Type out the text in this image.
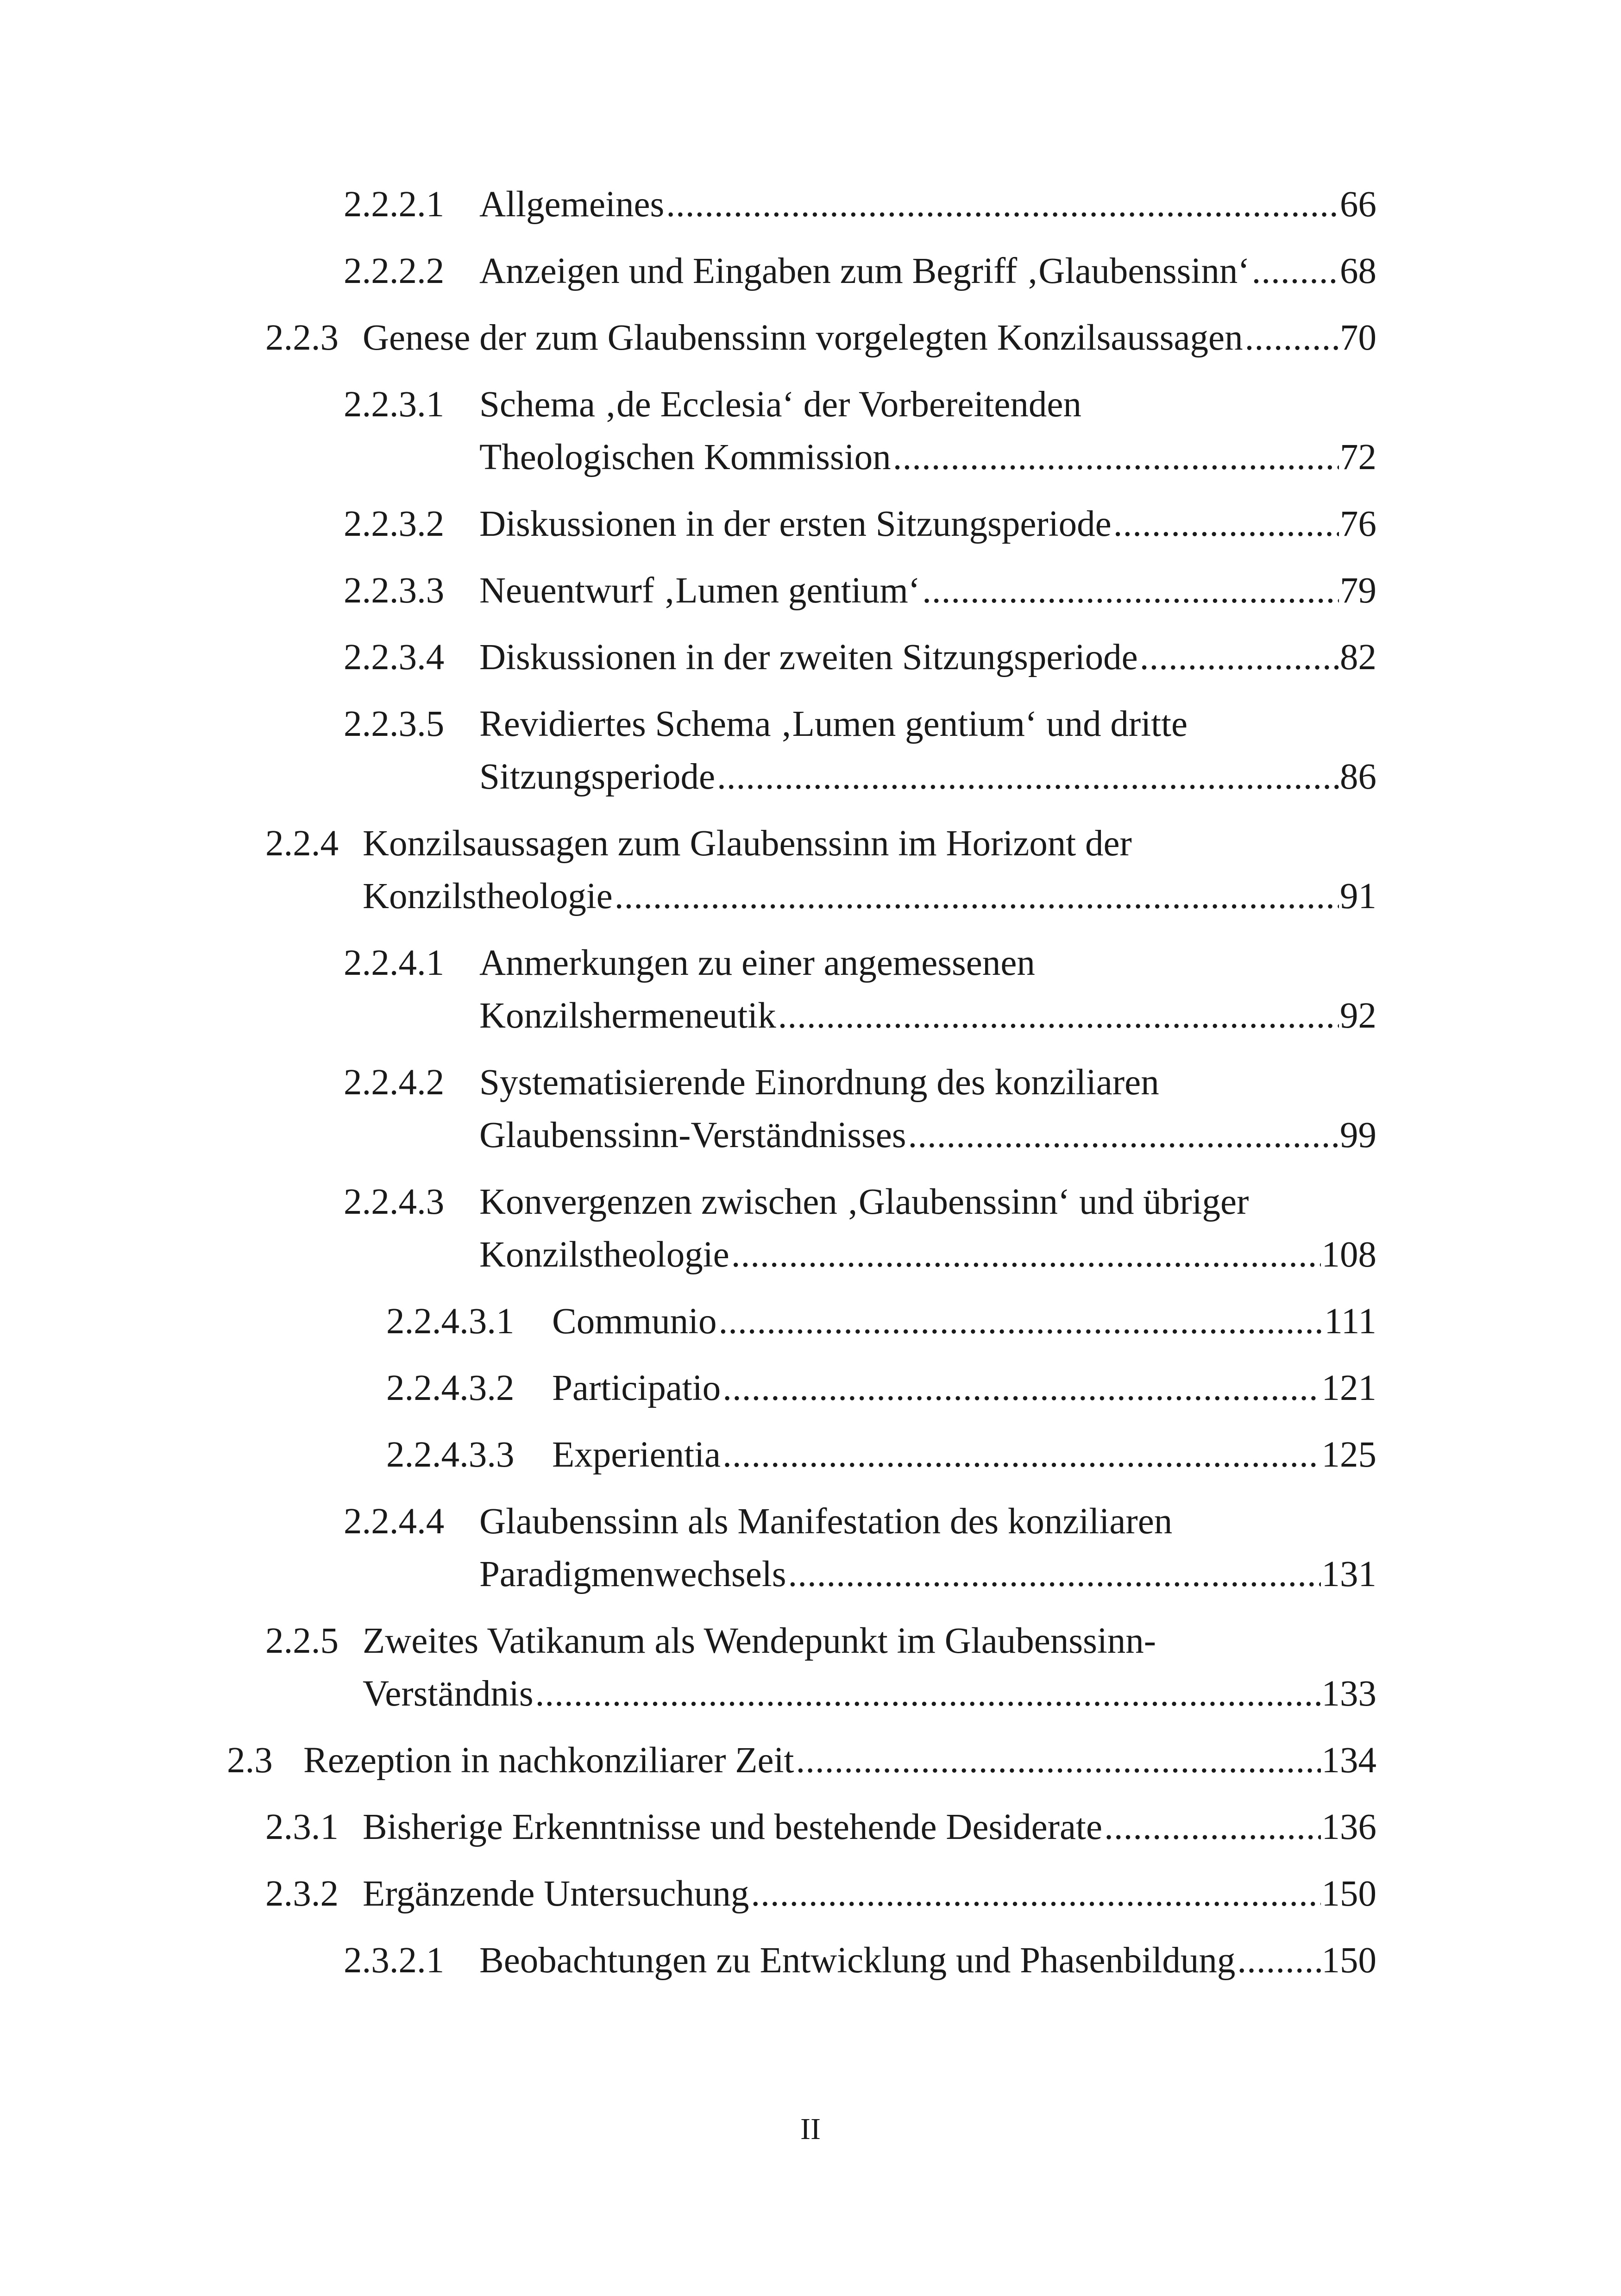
2.2.2.1 Allgemeines .....	66
2.2.2.2 Anzeigen und Eingaben zum Begriff ‚Glaubenssinn‘ ..... 68
2.2.3 Genese der zum Glaubenssinn vorgelegten Konzilsaussagen .....	70
2.2.3.1 Schema ‚de Ecclesia‘ der Vorbereitenden
Theologischen Kommission .....	72
2.2.3.2 Diskussionen in der ersten Sitzungsperiode .....	76
2.2.3.3 Neuentwurf ‚Lumen gentium‘ .....	79
2.2.3.4 Diskussionen in der zweiten Sitzungsperiode .....	82
2.2.3.5 Revidiertes Schema ‚Lumen gentium‘ und dritte
Sitzungsperiode .....	86
2.2.4 Konzilsaussagen zum Glaubenssinn im Horizont der
Konzilstheologie .....	91
2.2.4.1 Anmerkungen zu einer angemessenen
Konzilshermeneutik .....	92
2.2.4.2 Systematisierende Einordnung des konziliaren
Glaubenssinn-Verständnisses .....	99
2.2.4.3 Konvergenzen zwischen ‚Glaubenssinn‘ und übriger
Konzilstheologie .....	108
2.2.4.3.1 Communio .....	111
2.2.4.3.2 Participatio .....	121
2.2.4.3.3 Experientia .....	125
2.2.4.4 Glaubenssinn als Manifestation des konziliaren
Paradigmenwechsels .....	131
2.2.5 Zweites Vatikanum als Wendepunkt im Glaubenssinn-
Verständnis .....	133
2.3 Rezeption in nachkonziliarer Zeit .....	134
2.3.1 Bisherige Erkenntnisse und bestehende Desiderate .....	136
2.3.2 Ergänzende Untersuchung .....	150
2.3.2.1 Beobachtungen zu Entwicklung und Phasenbildung ..... 150
II
